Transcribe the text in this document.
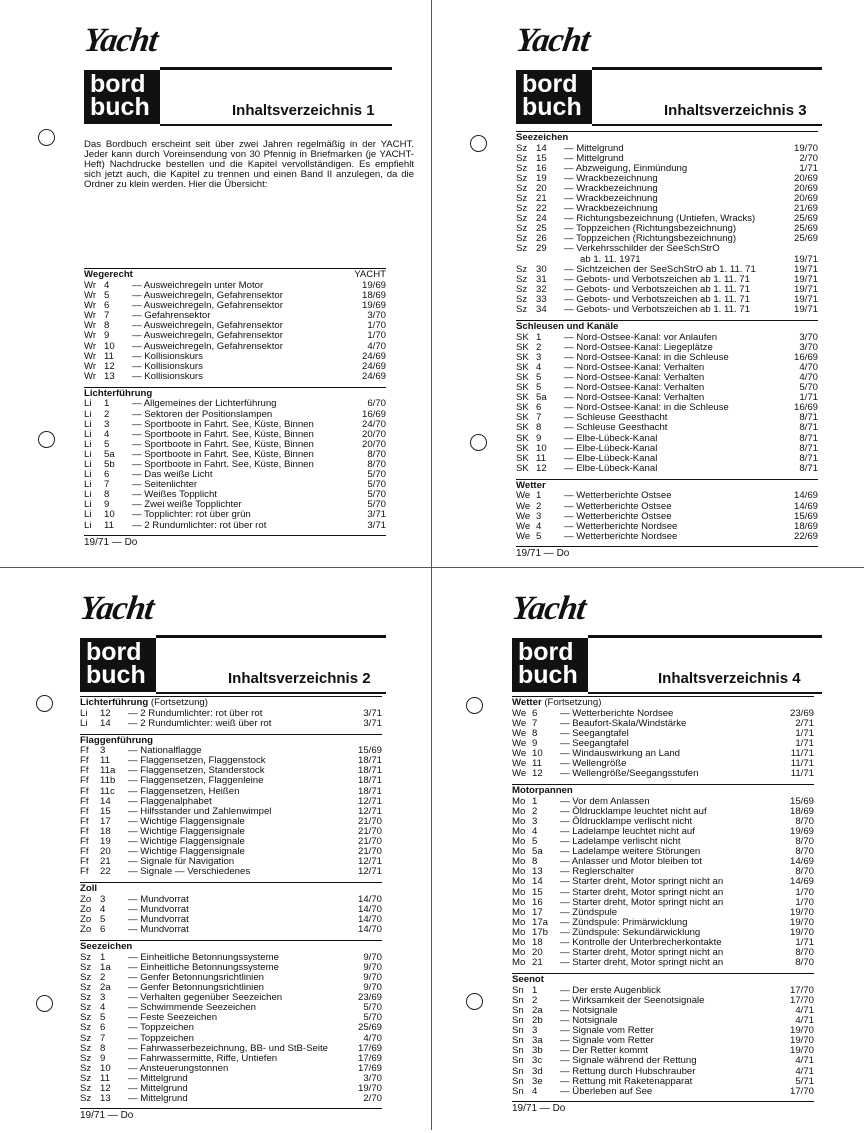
Yacht
bord
buch	Inhaltsverzeichnis 1
Das Bordbuch erscheint seit über zwei Jahren regelmäßig in der YACHT. Jeder kann durch Voreinsendung von 30 Pfennig in Briefmarken (je YACHT-Heft) Nachdrucke bestellen und die Kapitel vervollständigen. Es empfiehlt sich jetzt auch, die Kapitel zu trennen und einen Band II anzulegen, da die Ordner zu klein werden. Hier die Übersicht:
Wegerecht	YACHT
Wr 4 — Ausweichregeln unter Motor	19/69
Wr 5 — Ausweichregeln, Gefahrensektor	18/69
Wr 6 — Ausweichregeln, Gefahrensektor	19/69
Wr 7 — Gefahrensektor	3/70
Wr 8 — Ausweichregeln, Gefahrensektor	1/70
Wr 9 — Ausweichregeln, Gefahrensektor	1/70
Wr 10 — Ausweichregeln, Gefahrensektor	4/70
Wr 11 — Kollisionskurs	24/69
Wr 12 — Kollisionskurs	24/69
Wr 13 — Kollisionskurs	24/69
Lichterführung
Li 1 — Allgemeines der Lichterführung	6/70
Li 2 — Sektoren der Positionslampen	16/69
Li 3 — Sportboote in Fahrt. See, Küste, Binnen	24/70
Li 4 — Sportboote in Fahrt. See, Küste, Binnen	20/70
Li 5 — Sportboote in Fahrt. See, Küste, Binnen	20/70
Li 5a — Sportboote in Fahrt. See, Küste, Binnen	8/70
Li 5b — Sportboote in Fahrt. See, Küste, Binnen	8/70
Li 6 — Das weiße Licht	5/70
Li 7 — Seitenlichter	5/70
Li 8 — Weißes Topplicht	5/70
Li 9 — Zwei weiße Topplichter	5/70
Li 10 — Topplichter: rot über grün	3/71
Li 11 — 2 Rundumlichter: rot über rot	3/71
19/71 — Do
Yacht
bord
buch	Inhaltsverzeichnis 3
Seezeichen
Sz 14 — Mittelgrund	19/70
Sz 15 — Mittelgrund	2/70
Sz 16 — Abzweigung, Einmündung	1/71
Sz 19 — Wrackbezeichnung	20/69
Sz 20 — Wrackbezeichnung	20/69
Sz 21 — Wrackbezeichnung	20/69
Sz 22 — Wrackbezeichnung	21/69
Sz 24 — Richtungsbezeichnung (Untiefen, Wracks)	25/69
Sz 25 — Toppzeichen (Richtungsbezeichnung)	25/69
Sz 26 — Toppzeichen (Richtungsbezeichnung)	25/69
Sz 29 — Verkehrsschilder der SeeSchStrO
ab 1. 11. 1971	19/71
Sz 30 — Sichtzeichen der SeeSchStrO ab 1. 11. 71	19/71
Sz 31 — Gebots- und Verbotszeichen ab 1. 11. 71	19/71
Sz 32 — Gebots- und Verbotszeichen ab 1. 11. 71	19/71
Sz 33 — Gebots- und Verbotszeichen ab 1. 11. 71	19/71
Sz 34 — Gebots- und Verbotszeichen ab 1. 11. 71	19/71
Schleusen und Kanäle
SK 1 — Nord-Ostsee-Kanal: vor Anlaufen	3/70
SK 2 — Nord-Ostsee-Kanal: Liegeplätze	3/70
SK 3 — Nord-Ostsee-Kanal: in die Schleuse	16/69
SK 4 — Nord-Ostsee-Kanal: Verhalten	4/70
SK 5 — Nord-Ostsee-Kanal: Verhalten	4/70
SK 5 — Nord-Ostsee-Kanal: Verhalten	5/70
SK 5a — Nord-Ostsee-Kanal: Verhalten	1/71
SK 6 — Nord-Ostsee-Kanal: in die Schleuse	16/69
SK 7 — Schleuse Geesthacht	8/71
SK 8 — Schleuse Geesthacht	8/71
SK 9 — Elbe-Lübeck-Kanal	8/71
SK 10 — Elbe-Lübeck-Kanal	8/71
SK 11 — Elbe-Lübeck-Kanal	8/71
SK 12 — Elbe-Lübeck-Kanal	8/71
Wetter
We 1 — Wetterberichte Ostsee	14/69
We 2 — Wetterberichte Ostsee	14/69
We 3 — Wetterberichte Ostsee	15/69
We 4 — Wetterberichte Nordsee	18/69
We 5 — Wetterberichte Nordsee	22/69
19/71 — Do
Yacht
bord
buch	Inhaltsverzeichnis 2
Lichterführung (Fortsetzung)
Li 12 — 2 Rundumlichter: rot über rot	3/71
Li 14 — 2 Rundumlichter: weiß über rot	3/71
Flaggenführung
Ff 3 — Nationalflagge	15/69
Ff 11 — Flaggensetzen, Flaggenstock	18/71
Ff 11a — Flaggensetzen, Standerstock	18/71
Ff 11b — Flaggensetzen, Flaggenleine	18/71
Ff 11c — Flaggensetzen, Heißen	18/71
Ff 14 — Flaggenalphabet	12/71
Ff 15 — Hilfsstander und Zahlenwimpel	12/71
Ff 17 — Wichtige Flaggensignale	21/70
Ff 18 — Wichtige Flaggensignale	21/70
Ff 19 — Wichtige Flaggensignale	21/70
Ff 20 — Wichtige Flaggensignale	21/70
Ff 21 — Signale für Navigation	12/71
Ff 22 — Signale — Verschiedenes	12/71
Zoll
Zo 3 — Mundvorrat	14/70
Zo 4 — Mundvorrat	14/70
Zo 5 — Mundvorrat	14/70
Zo 6 — Mundvorrat	14/70
Seezeichen
Sz 1 — Einheitliche Betonnungssysteme	9/70
Sz 1a — Einheitliche Betonnungssysteme	9/70
Sz 2 — Genfer Betonnungsrichtlinien	9/70
Sz 2a — Genfer Betonnungsrichtlinien	9/70
Sz 3 — Verhalten gegenüber Seezeichen	23/69
Sz 4 — Schwimmende Seezeichen	5/70
Sz 5 — Feste Seezeichen	5/70
Sz 6 — Toppzeichen	25/69
Sz 7 — Toppzeichen	4/70
Sz 8 — Fahrwasserbezeichnung, BB- und StB-Seite	17/69
Sz 9 — Fahrwassermitte, Riffe, Untiefen	17/69
Sz 10 — Ansteuerungstonnen	17/69
Sz 11 — Mittelgrund	3/70
Sz 12 — Mittelgrund	19/70
Sz 13 — Mittelgrund	2/70
19/71 — Do
Yacht
bord
buch	Inhaltsverzeichnis 4
Wetter (Fortsetzung)
We 6 — Wetterberichte Nordsee	23/69
We 7 — Beaufort-Skala/Windstärke	2/71
We 8 — Seegangtafel	1/71
We 9 — Seegangtafel	1/71
We 10 — Windauswirkung an Land	11/71
We 11 — Wellengröße	11/71
We 12 — Wellengröße/Seegangsstufen	11/71
Motorpannen
Mo 1 — Vor dem Anlassen	15/69
Mo 2 — Öldrucklampe leuchtet nicht auf	18/69
Mo 3 — Öldrucklampe verlischt nicht	8/70
Mo 4 — Ladelampe leuchtet nicht auf	19/69
Mo 5 — Ladelampe verlischt nicht	8/70
Mo 5a — Ladelampe weitere Störungen	8/70
Mo 8 — Anlasser und Motor bleiben tot	14/69
Mo 13 — Reglerschalter	8/70
Mo 14 — Starter dreht, Motor springt nicht an	14/69
Mo 15 — Starter dreht, Motor springt nicht an	1/70
Mo 16 — Starter dreht, Motor springt nicht an	1/70
Mo 17 — Zündspule	19/70
Mo 17a — Zündspule: Primärwicklung	19/70
Mo 17b — Zündspule: Sekundärwicklung	19/70
Mo 18 — Kontrolle der Unterbrecherkontakte	1/71
Mo 20 — Starter dreht, Motor springt nicht an	8/70
Mo 21 — Starter dreht, Motor springt nicht an	8/70
Seenot
Sn 1 — Der erste Augenblick	17/70
Sn 2 — Wirksamkeit der Seenotsignale	17/70
Sn 2a — Notsignale	4/71
Sn 2b — Notsignale	4/71
Sn 3 — Signale vom Retter	19/70
Sn 3a — Signale vom Retter	19/70
Sn 3b — Der Retter kommt	19/70
Sn 3c — Signale während der Rettung	4/71
Sn 3d — Rettung durch Hubschrauber	4/71
Sn 3e — Rettung mit Raketenapparat	5/71
Sn 4 — Überleben auf See	17/70
19/71 — Do
